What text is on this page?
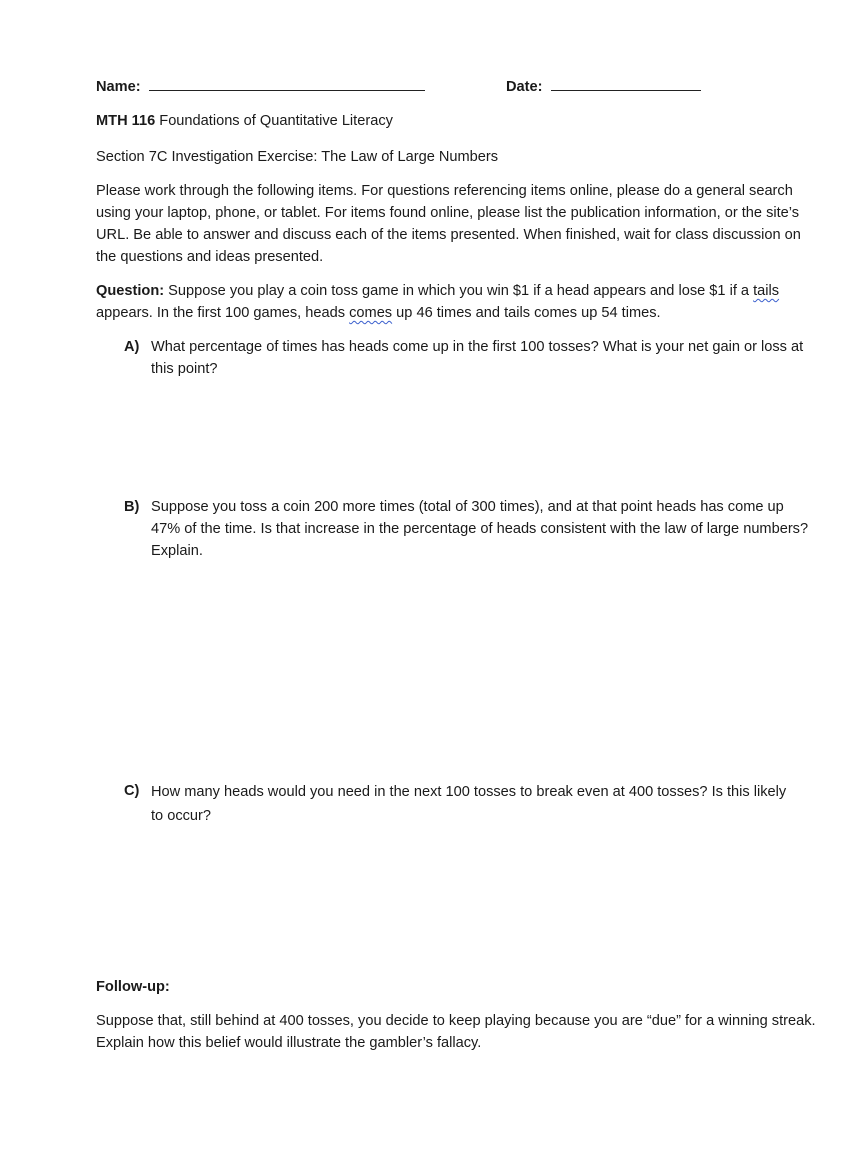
Name:	Date:
MTH 116 Foundations of Quantitative Literacy
Section 7C Investigation Exercise: The Law of Large Numbers

Please work through the following items. For questions referencing items online, please do a general search using your laptop, phone, or tablet. For items found online, please list the publication information, or the site’s URL. Be able to answer and discuss each of the items presented. When finished, wait for class discussion on the questions and ideas presented.

Question: Suppose you play a coin toss game in which you win $1 if a head appears and lose $1 if a tails appears. In the first 100 games, heads comes up 46 times and tails comes up 54 times.

A) What percentage of times has heads come up in the first 100 tosses? What is your net gain or loss at this point?

B) Suppose you toss a coin 200 more times (total of 300 times), and at that point heads has come up 47% of the time. Is that increase in the percentage of heads consistent with the law of large numbers? Explain.

C) How many heads would you need in the next 100 tosses to break even at 400 tosses? Is this likely to occur?

Follow-up:

Suppose that, still behind at 400 tosses, you decide to keep playing because you are “due” for a winning streak. Explain how this belief would illustrate the gambler’s fallacy.
